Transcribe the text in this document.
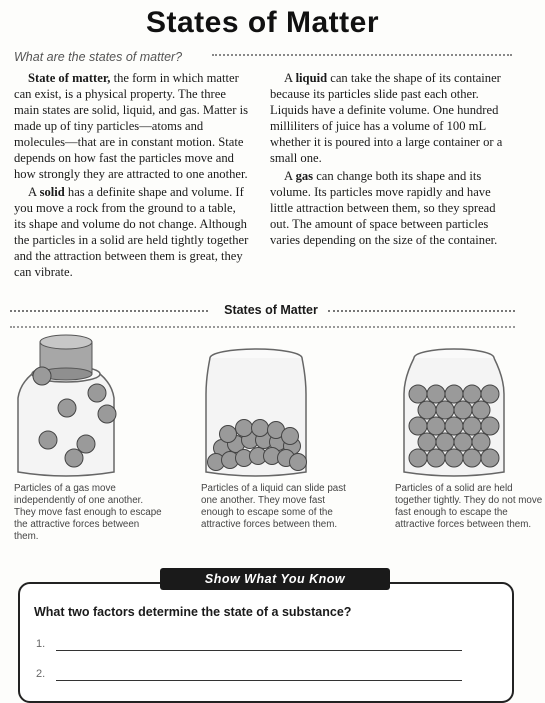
States of Matter
What are the states of matter?

State of matter, the form in which matter can exist, is a physical property. The three main states are solid, liquid, and gas. Matter is made up of tiny particles—atoms and molecules—that are in constant motion. State depends on how fast the particles move and how strongly they are attracted to one another.

A solid has a definite shape and volume. If you move a rock from the ground to a table, its shape and volume do not change. Although the particles in a solid are held tightly together and the attraction between them is great, they can vibrate.

A liquid can take the shape of its container because its particles slide past each other. Liquids have a definite volume. One hundred milliliters of juice has a volume of 100 mL whether it is poured into a large container or a small one.

A gas can change both its shape and its volume. Its particles move rapidly and have little attraction between them, so they spread out. The amount of space between particles varies depending on the size of the container.

States of Matter
Particles of a gas move independently of one another. They move fast enough to escape the attractive forces between them.
Particles of a liquid can slide past one another. They move fast enough to escape some of the attractive forces between them.
Particles of a solid are held together tightly. They do not move fast enough to escape the attractive forces between them.
Show What You Know
What two factors determine the state of a substance?
1.
2.
